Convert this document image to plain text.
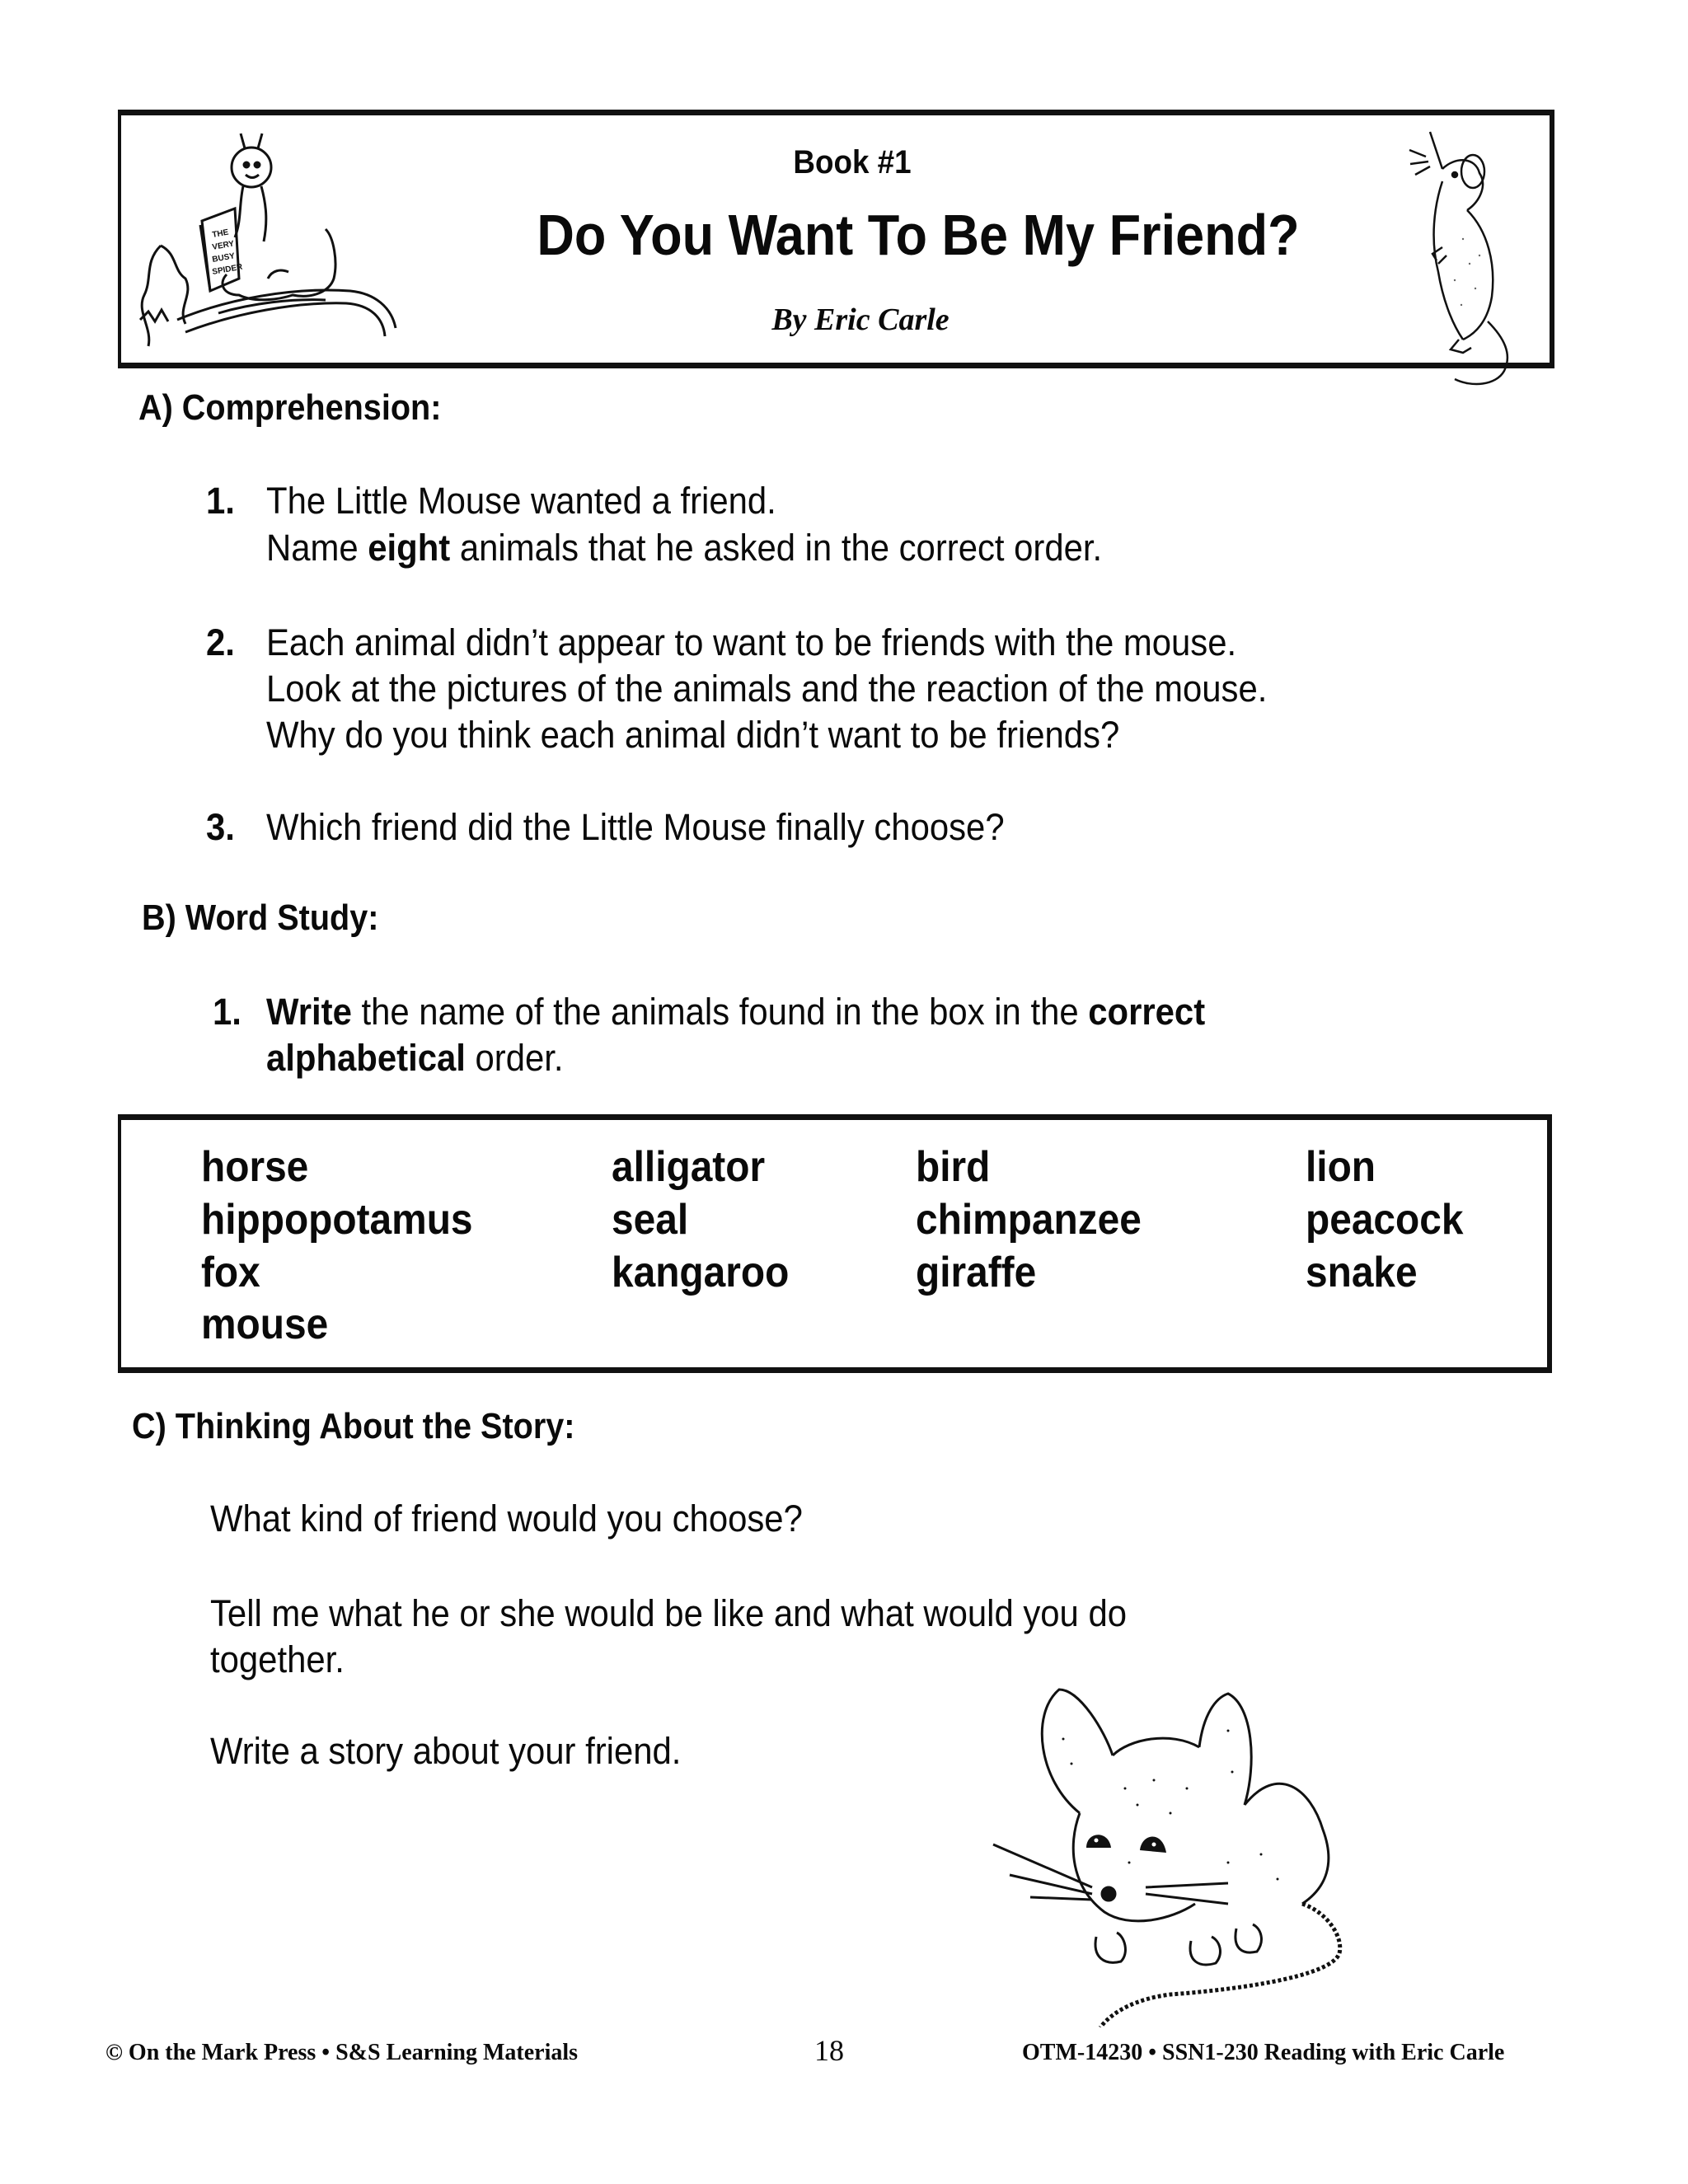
THE
VERY
BUSY
SPIDER
Book #1
Do You Want To Be My Friend?
By Eric Carle
A) Comprehension:
1. The Little Mouse wanted a friend.
Name eight animals that he asked in the correct order.
2. Each animal didn’t appear to want to be friends with the mouse.
Look at the pictures of the animals and the reaction of the mouse.
Why do you think each animal didn’t want to be friends?
3. Which friend did the Little Mouse finally choose?
B) Word Study:
1. Write the name of the animals found in the box in the correct
alphabetical order.
horse
hippopotamus
fox
mouse
alligator
seal
kangaroo
bird
chimpanzee
giraffe
lion
peacock
snake
C) Thinking About the Story:
What kind of friend would you choose?
Tell me what he or she would be like and what would you do
together.
Write a story about your friend.
© On the Mark Press • S&S Learning Materials	18	OTM-14230 • SSN1-230 Reading with Eric Carle
